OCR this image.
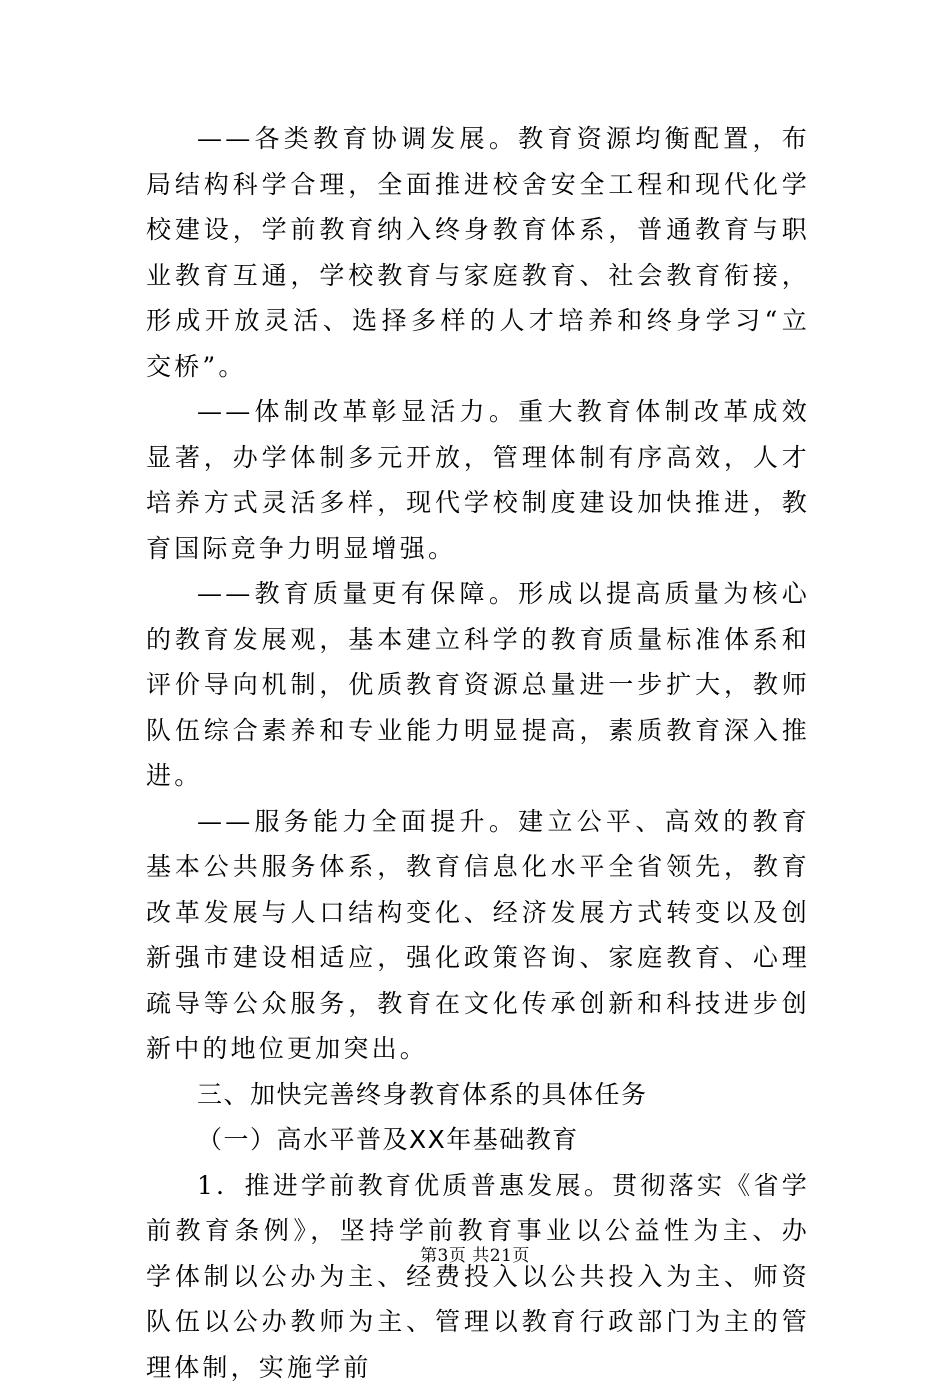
——各类教育协调发展。教育资源均衡配置，布局结构科学合理，全面推进校舍安全工程和现代化学校建设，学前教育纳入终身教育体系，普通教育与职业教育互通，学校教育与家庭教育、社会教育衔接，形成开放灵活、选择多样的人才培养和终身学习“立交桥”。

——体制改革彰显活力。重大教育体制改革成效显著，办学体制多元开放，管理体制有序高效，人才培养方式灵活多样，现代学校制度建设加快推进，教育国际竞争力明显增强。

——教育质量更有保障。形成以提高质量为核心的教育发展观，基本建立科学的教育质量标准体系和评价导向机制，优质教育资源总量进一步扩大，教师队伍综合素养和专业能力明显提高，素质教育深入推进。

——服务能力全面提升。建立公平、高效的教育基本公共服务体系，教育信息化水平全省领先，教育改革发展与人口结构变化、经济发展方式转变以及创新强市建设相适应，强化政策咨询、家庭教育、心理疏导等公众服务，教育在文化传承创新和科技进步创新中的地位更加突出。

三、加快完善终身教育体系的具体任务

（一）高水平普及XX年基础教育

1．推进学前教育优质普惠发展。贯彻落实《省学前教育条例》，坚持学前教育事业以公益性为主、办学体制以公办为主、经费投入以公共投入为主、师资队伍以公办教师为主、管理以教育行政部门为主的管理体制，实施学前

第3页 共21页
